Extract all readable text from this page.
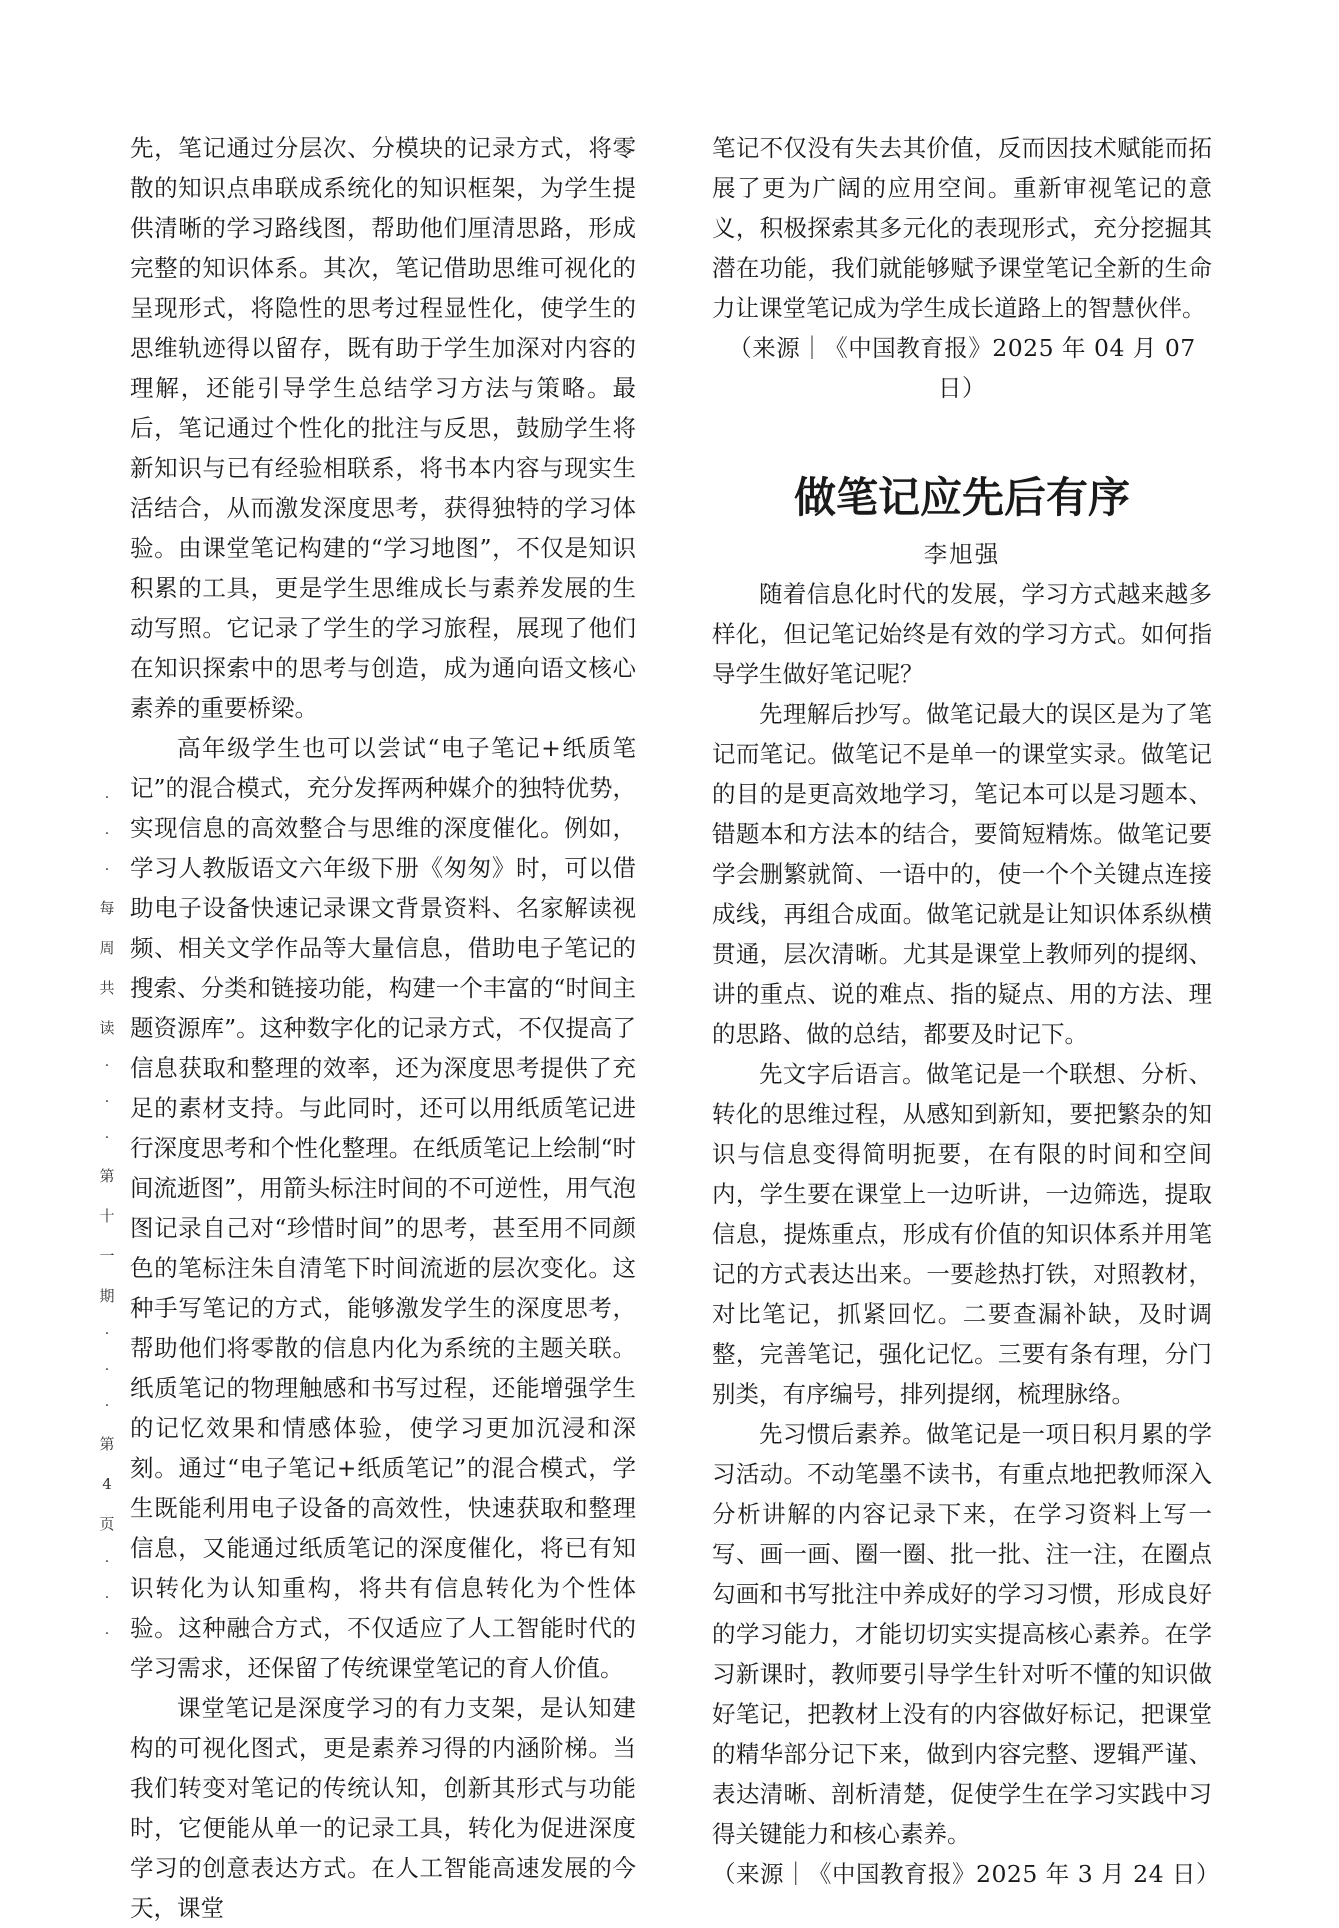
先，笔记通过分层次、分模块的记录方式，将零散的知识点串联成系统化的知识框架，为学生提供清晰的学习路线图，帮助他们厘清思路，形成完整的知识体系。其次，笔记借助思维可视化的呈现形式，将隐性的思考过程显性化，使学生的思维轨迹得以留存，既有助于学生加深对内容的理解，还能引导学生总结学习方法与策略。最后，笔记通过个性化的批注与反思，鼓励学生将新知识与已有经验相联系，将书本内容与现实生活结合，从而激发深度思考，获得独特的学习体验。由课堂笔记构建的“学习地图”，不仅是知识积累的工具，更是学生思维成长与素养发展的生动写照。它记录了学生的学习旅程，展现了他们在知识探索中的思考与创造，成为通向语文核心素养的重要桥梁。

高年级学生也可以尝试“电子笔记+纸质笔记”的混合模式，充分发挥两种媒介的独特优势，实现信息的高效整合与思维的深度催化。例如，学习人教版语文六年级下册《匆匆》时，可以借助电子设备快速记录课文背景资料、名家解读视频、相关文学作品等大量信息，借助电子笔记的搜索、分类和链接功能，构建一个丰富的“时间主题资源库”。这种数字化的记录方式，不仅提高了信息获取和整理的效率，还为深度思考提供了充足的素材支持。与此同时，还可以用纸质笔记进行深度思考和个性化整理。在纸质笔记上绘制“时间流逝图”，用箭头标注时间的不可逆性，用气泡图记录自己对“珍惜时间”的思考，甚至用不同颜色的笔标注朱自清笔下时间流逝的层次变化。这种手写笔记的方式，能够激发学生的深度思考，帮助他们将零散的信息内化为系统的主题关联。纸质笔记的物理触感和书写过程，还能增强学生的记忆效果和情感体验，使学习更加沉浸和深刻。通过“电子笔记+纸质笔记”的混合模式，学生既能利用电子设备的高效性，快速获取和整理信息，又能通过纸质笔记的深度催化，将已有知识转化为认知重构，将共有信息转化为个性体验。这种融合方式，不仅适应了人工智能时代的学习需求，还保留了传统课堂笔记的育人价值。

课堂笔记是深度学习的有力支架，是认知建构的可视化图式，更是素养习得的内涵阶梯。当我们转变对笔记的传统认知，创新其形式与功能时，它便能从单一的记录工具，转化为促进深度学习的创意表达方式。在人工智能高速发展的今天，课堂

笔记不仅没有失去其价值，反而因技术赋能而拓展了更为广阔的应用空间。重新审视笔记的意义，积极探索其多元化的表现形式，充分挖掘其潜在功能，我们就能够赋予课堂笔记全新的生命力让课堂笔记成为学生成长道路上的智慧伙伴。

（来源｜《中国教育报》2025 年 04 月 07 日）

做笔记应先后有序

李旭强

随着信息化时代的发展，学习方式越来越多样化，但记笔记始终是有效的学习方式。如何指导学生做好笔记呢？

先理解后抄写。做笔记最大的误区是为了笔记而笔记。做笔记不是单一的课堂实录。做笔记的目的是更高效地学习，笔记本可以是习题本、错题本和方法本的结合，要简短精炼。做笔记要学会删繁就简、一语中的，使一个个关键点连接成线，再组合成面。做笔记就是让知识体系纵横贯通，层次清晰。尤其是课堂上教师列的提纲、讲的重点、说的难点、指的疑点、用的方法、理的思路、做的总结，都要及时记下。

先文字后语言。做笔记是一个联想、分析、转化的思维过程，从感知到新知，要把繁杂的知识与信息变得简明扼要，在有限的时间和空间内，学生要在课堂上一边听讲，一边筛选，提取信息，提炼重点，形成有价值的知识体系并用笔记的方式表达出来。一要趁热打铁，对照教材，对比笔记，抓紧回忆。二要查漏补缺，及时调整，完善笔记，强化记忆。三要有条有理，分门别类，有序编号，排列提纲，梳理脉络。

先习惯后素养。做笔记是一项日积月累的学习活动。不动笔墨不读书，有重点地把教师深入分析讲解的内容记录下来，在学习资料上写一写、画一画、圈一圈、批一批、注一注，在圈点勾画和书写批注中养成好的学习习惯，形成良好的学习能力，才能切切实实提高核心素养。在学习新课时，教师要引导学生针对听不懂的知识做好笔记，把教材上没有的内容做好标记，把课堂的精华部分记下来，做到内容完整、逻辑严谨、表达清晰、剖析清楚，促使学生在学习实践中习得关键能力和核心素养。

（来源｜《中国教育报》2025 年 3 月 24 日）

·
·
·
每
周
共
读
·
·
·
第
十
一
期
·
·
·
第
4
页
·
·
·
